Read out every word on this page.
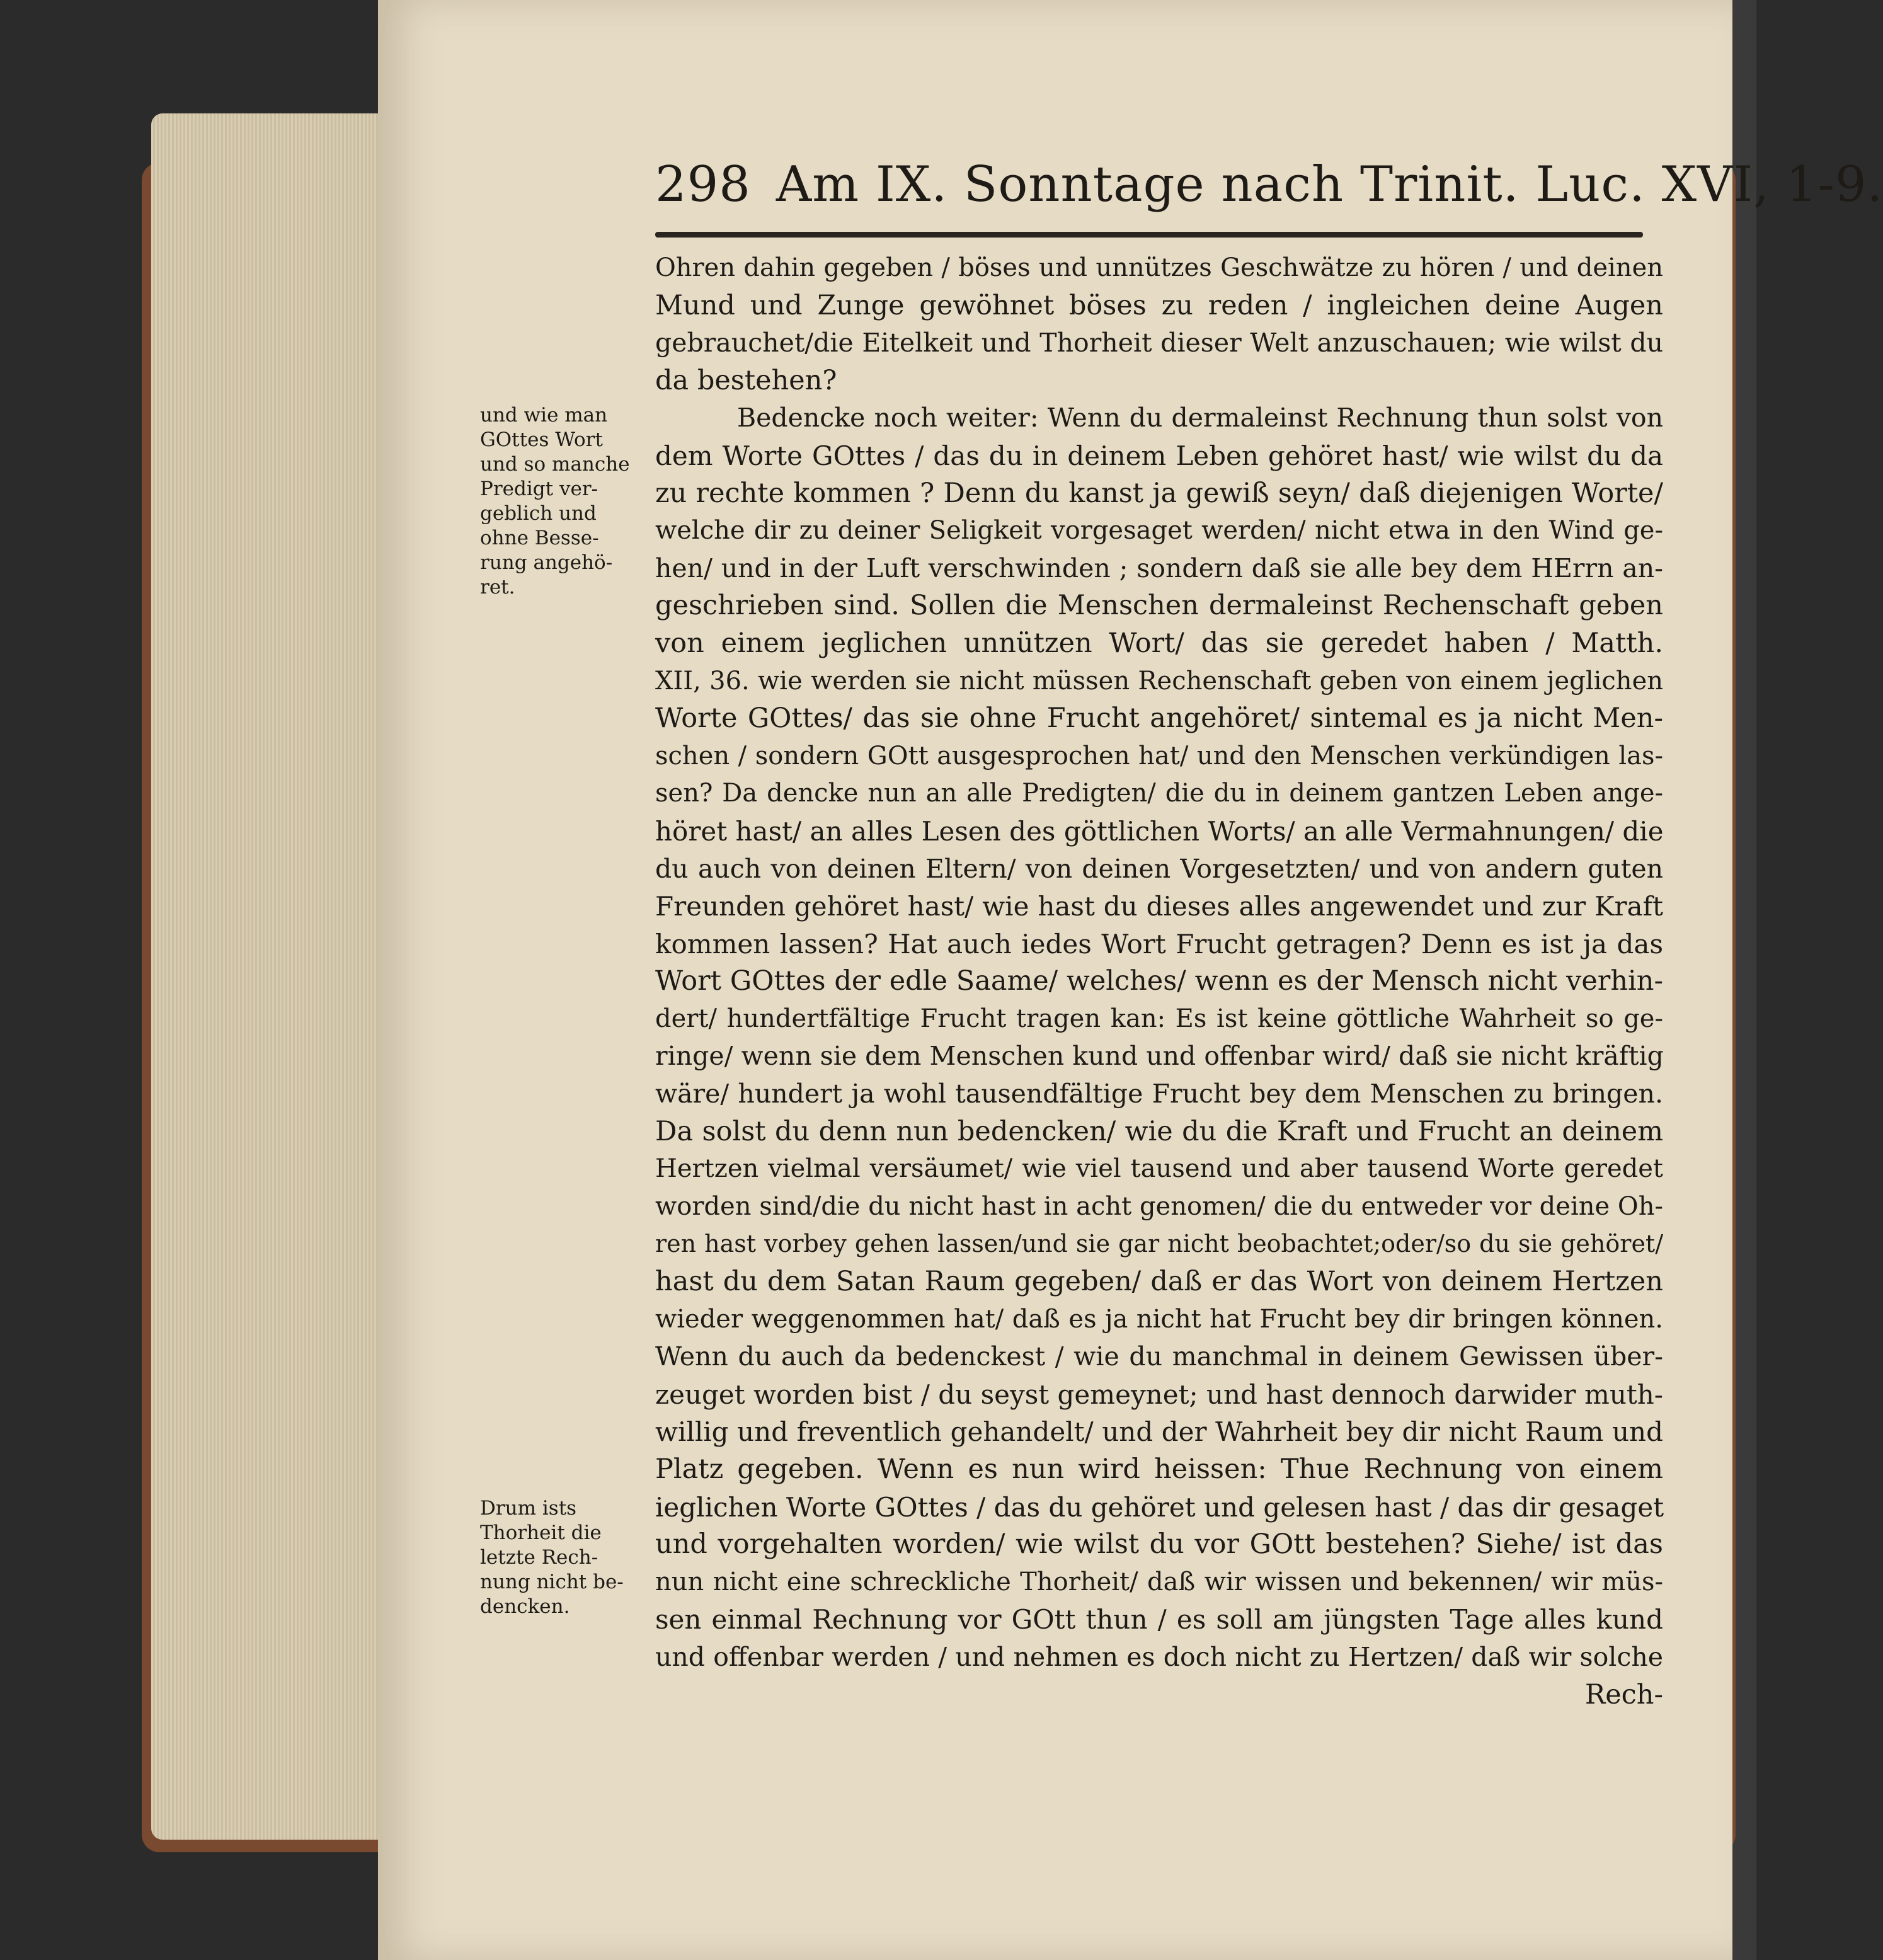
298 Am IX. Sonntage nach Trinit. Luc. XVI, 1-9.
und wie man
GOttes Wort
und so manche
Predigt ver-
geblich und
ohne Besse-
rung angehö-
ret.
Drum ists
Thorheit die
letzte Rech-
nung nicht be-
dencken.
Ohren dahin gegeben / böses und unnützes Geschwätze zu hören / und deinen
Mund und Zunge gewöhnet böses zu reden / ingleichen deine Augen
gebrauchet/die Eitelkeit und Thorheit dieser Welt anzuschauen; wie wilst du
da bestehen?
Bedencke noch weiter: Wenn du dermaleinst Rechnung thun solst von
dem Worte GOttes / das du in deinem Leben gehöret hast/ wie wilst du da
zu rechte kommen ? Denn du kanst ja gewiß seyn/ daß diejenigen Worte/
welche dir zu deiner Seligkeit vorgesaget werden/ nicht etwa in den Wind ge-
hen/ und in der Luft verschwinden ; sondern daß sie alle bey dem HErrn an-
geschrieben sind. Sollen die Menschen dermaleinst Rechenschaft geben
von einem jeglichen unnützen Wort/ das sie geredet haben / Matth.
XII, 36. wie werden sie nicht müssen Rechenschaft geben von einem jeglichen
Worte GOttes/ das sie ohne Frucht angehöret/ sintemal es ja nicht Men-
schen / sondern GOtt ausgesprochen hat/ und den Menschen verkündigen las-
sen? Da dencke nun an alle Predigten/ die du in deinem gantzen Leben ange-
höret hast/ an alles Lesen des göttlichen Worts/ an alle Vermahnungen/ die
du auch von deinen Eltern/ von deinen Vorgesetzten/ und von andern guten
Freunden gehöret hast/ wie hast du dieses alles angewendet und zur Kraft
kommen lassen? Hat auch iedes Wort Frucht getragen? Denn es ist ja das
Wort GOttes der edle Saame/ welches/ wenn es der Mensch nicht verhin-
dert/ hundertfältige Frucht tragen kan: Es ist keine göttliche Wahrheit so ge-
ringe/ wenn sie dem Menschen kund und offenbar wird/ daß sie nicht kräftig
wäre/ hundert ja wohl tausendfältige Frucht bey dem Menschen zu bringen.
Da solst du denn nun bedencken/ wie du die Kraft und Frucht an deinem
Hertzen vielmal versäumet/ wie viel tausend und aber tausend Worte geredet
worden sind/die du nicht hast in acht genomen/ die du entweder vor deine Oh-
ren hast vorbey gehen lassen/und sie gar nicht beobachtet;oder/so du sie gehöret/
hast du dem Satan Raum gegeben/ daß er das Wort von deinem Hertzen
wieder weggenommen hat/ daß es ja nicht hat Frucht bey dir bringen können.
Wenn du auch da bedenckest / wie du manchmal in deinem Gewissen über-
zeuget worden bist / du seyst gemeynet; und hast dennoch darwider muth-
willig und freventlich gehandelt/ und der Wahrheit bey dir nicht Raum und
Platz gegeben. Wenn es nun wird heissen: Thue Rechnung von einem
ieglichen Worte GOttes / das du gehöret und gelesen hast / das dir gesaget
und vorgehalten worden/ wie wilst du vor GOtt bestehen? Siehe/ ist das
nun nicht eine schreckliche Thorheit/ daß wir wissen und bekennen/ wir müs-
sen einmal Rechnung vor GOtt thun / es soll am jüngsten Tage alles kund
und offenbar werden / und nehmen es doch nicht zu Hertzen/ daß wir solche
Rech-
